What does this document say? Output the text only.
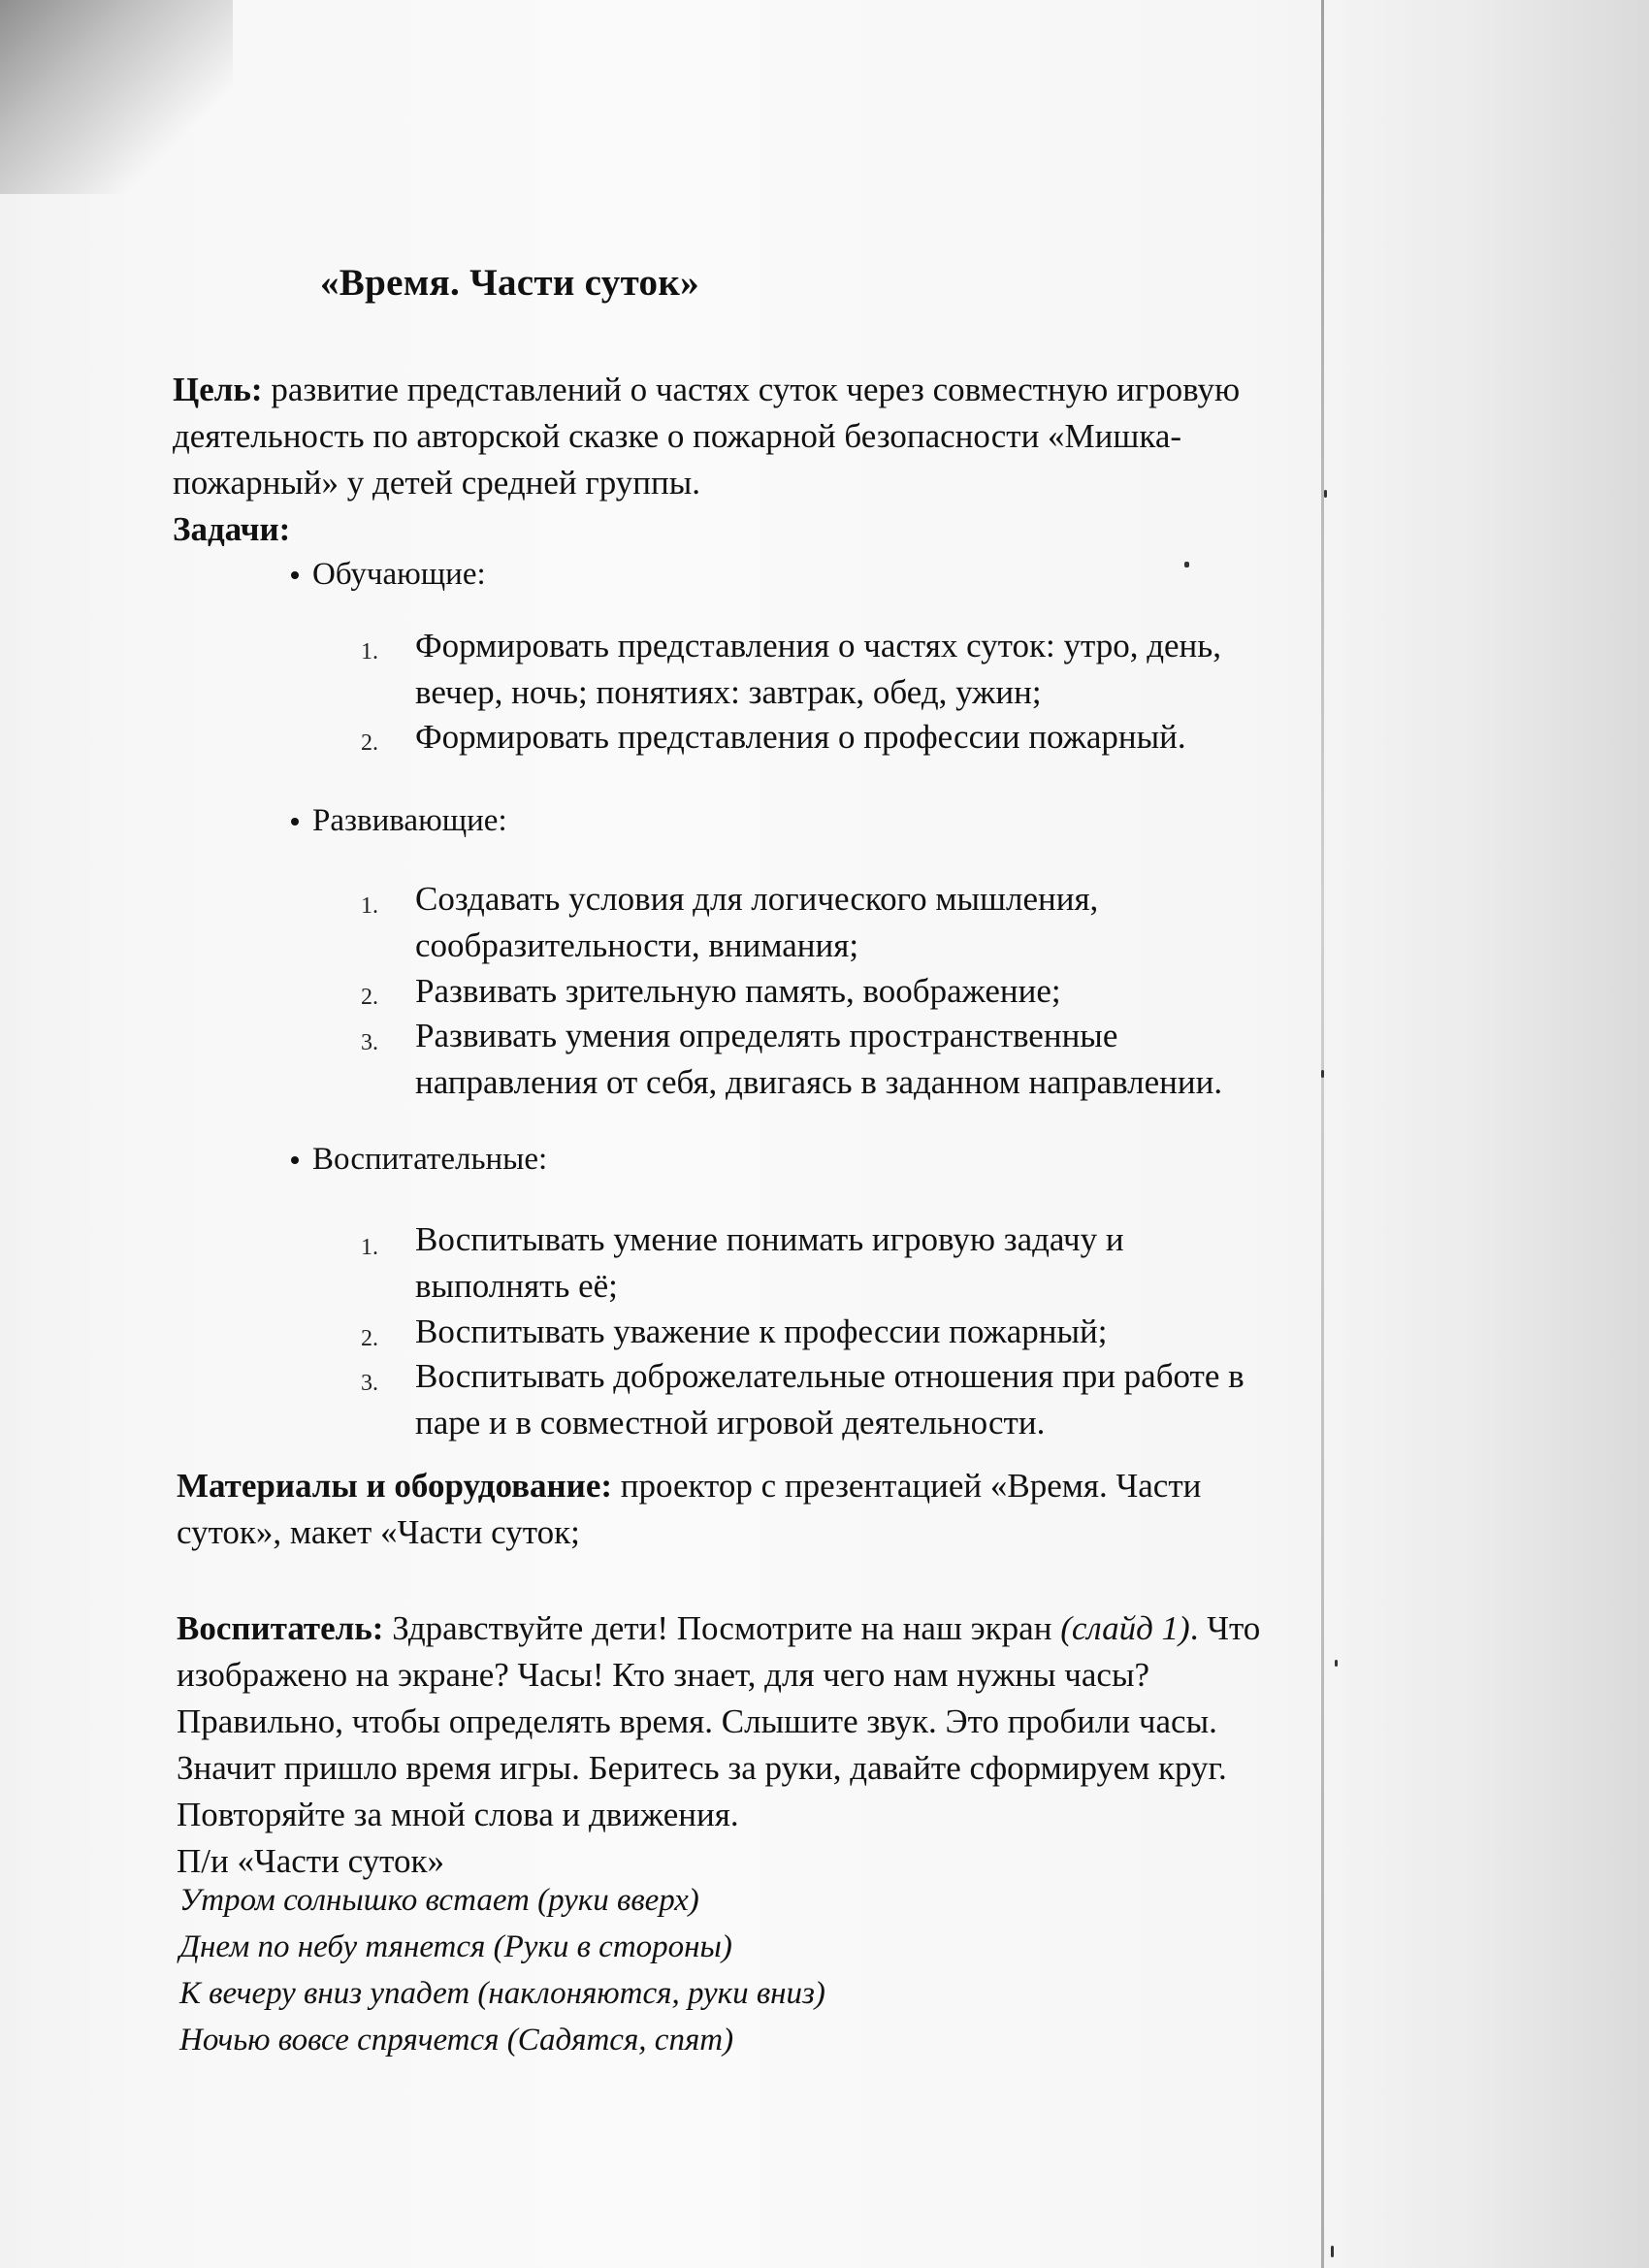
«Время. Части суток»
Цель: развитие представлений о частях суток через совместную игровую
деятельность по авторской сказке о пожарной безопасности «Мишка-
пожарный» у детей средней группы.
Задачи:
Обучающие:
1.	Формировать представления о частях суток: утро, день,
вечер, ночь; понятиях: завтрак, обед, ужин;
2.	Формировать представления о профессии пожарный.
Развивающие:
1.	Создавать условия для логического мышления,
сообразительности, внимания;
2.	Развивать зрительную память, воображение;
3.	Развивать умения определять пространственные
направления от себя, двигаясь в заданном направлении.
Воспитательные:
1.	Воспитывать умение понимать игровую задачу и
выполнять её;
2.	Воспитывать уважение к профессии пожарный;
3.	Воспитывать доброжелательные отношения при работе в
паре и в совместной игровой деятельности.
Материалы и оборудование: проектор с презентацией «Время. Части
суток», макет «Части суток;
Воспитатель: Здравствуйте дети! Посмотрите на наш экран (слайд 1). Что
изображено на экране? Часы! Кто знает, для чего нам нужны часы?
Правильно, чтобы определять время. Слышите звук. Это пробили часы.
Значит пришло время игры. Беритесь за руки, давайте сформируем круг.
Повторяйте за мной слова и движения.
П/и «Части суток»
Утром солнышко встает (руки вверх)
Днем по небу тянется (Руки в стороны)
К вечеру вниз упадет (наклоняются, руки вниз)
Ночью вовсе спрячется (Садятся, спят)
